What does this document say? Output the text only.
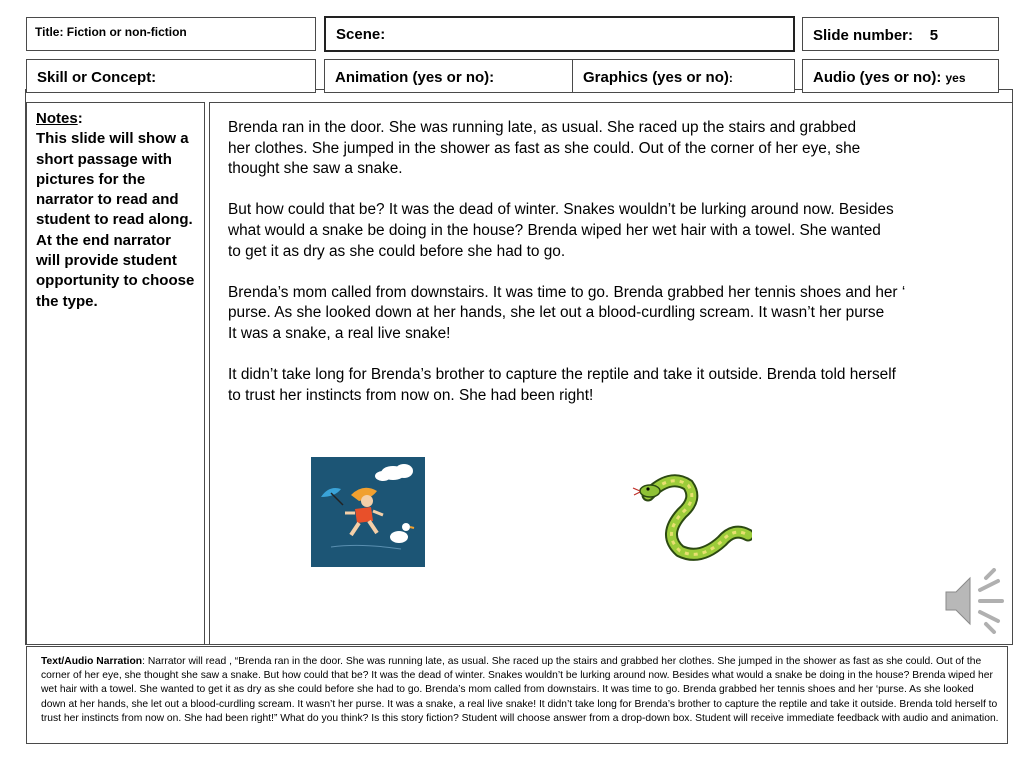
Title: Fiction or non-fiction	Scene:	Slide number: 5
Skill or Concept:	Animation (yes or no):	Graphics (yes or no):	Audio (yes or no): yes
Notes:
This slide will show a short passage with pictures for the narrator to read and student to read along. At the end narrator will provide student opportunity to choose the type.

Brenda ran in the door. She was running late, as usual. She raced up the stairs and grabbed
her clothes. She jumped in the shower as fast as she could. Out of the corner of her eye, she
thought she saw a snake.

But how could that be? It was the dead of winter. Snakes wouldn’t be lurking around now. Besides
what would a snake be doing in the house? Brenda wiped her wet hair with a towel. She wanted
to get it as dry as she could before she had to go.

Brenda’s mom called from downstairs. It was time to go. Brenda grabbed her tennis shoes and her ‘
purse. As she looked down at her hands, she let out a blood-curdling scream. It wasn’t her purse
It was a snake, a real live snake!

It didn’t take long for Brenda’s brother to capture the reptile and take it outside. Brenda told herself
to trust her instincts from now on. She had been right!

Text/Audio Narration: Narrator will read , “Brenda ran in the door. She was running late, as usual. She raced up the stairs and grabbed her clothes. She jumped in the shower as fast as she could. Out of the corner of her eye, she thought she saw a snake. But how could that be? It was the dead of winter. Snakes wouldn’t be lurking around now. Besides what would a snake be doing in the house? Brenda wiped her wet hair with a towel. She wanted to get it as dry as she could before she had to go. Brenda’s mom called from downstairs. It was time to go. Brenda grabbed her tennis shoes and her ‘purse. As she looked down at her hands, she let out a blood-curdling scream. It wasn’t her purse. It was a snake, a real live snake! It didn’t take long for Brenda’s brother to capture the reptile and take it outside. Brenda told herself to trust her instincts from now on. She had been right!” What do you think? Is this story fiction? Student will choose answer from a drop-down box. Student will receive immediate feedback with audio and animation.
